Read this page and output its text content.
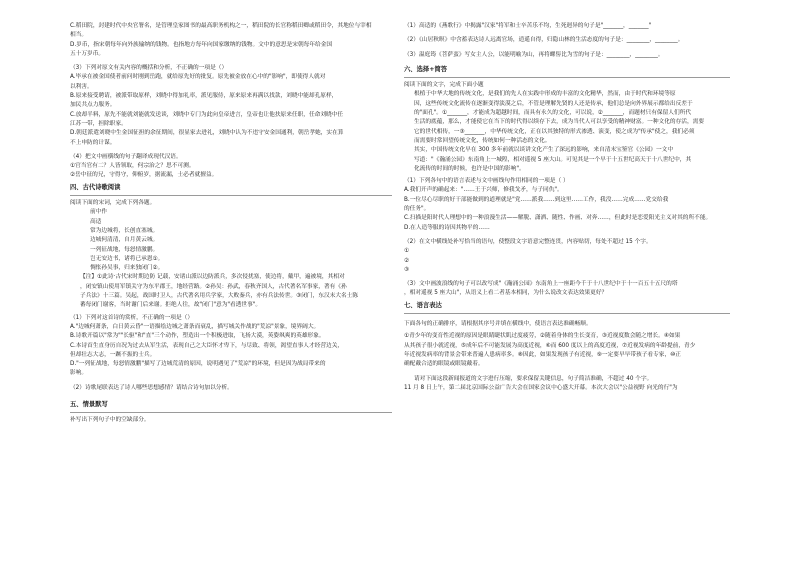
C.稻田院，封建时代中央官署名，是管理皇家图书的最高职务机构之一，稻田院的长官称稻田卿或稻田令，其地位与宰相
相当。
D.岁币，指宋朝每年向外族输纳的钱物。也指地方每年向国家缴纳的钱物。文中的意思是宋朝每年给金国
五十万岁币。
（3）下列对原文有关内容的概括和分析，不正确的一项是（）
A.毕承在被金国使者前问时刚到岳跑，就给原先好的批复。原先被金放在心中的"影响"，即使得人就对
以利害。
B.原来接受聘请，被派带取原样，刘晓中得加礼率，派见服侍，原来原来再满以找款，刘晓中能却孔原样，
加民共点力服务。
C.放却半料，原先不能就刘能就发送谈，刘晓中专门为此向皇帝进言，皇帝也让他扶原来任职，任命刘晓中任
江苏一带，担除职家。
D.朝廷派遣刘晓中生金国征担的余征期间，很显家去进礼，刘晓中认为不违守安金国通利，朝岳孝她，实在算
不上申防的计谋。
（4）把文中画横线的句子翻译成现代汉语。
①官当官有二？人皆领取，何宗治之？思不可测。
②岳中征的兄，守得守，仰俯岁，据流漏，士必者就擅益。
四、古代诗歌阅读
阅读下面的宋词，完成下列各题。
前中作
高适
常为边城将，长创直塞城。
边城何清清，自月黄云城。
一列征战地，每怒情激鹏。
岂无安边书，诸将已承恩①。
惆怅孙吴事，归来独闭门②。
【注】①此诗·古代宋时期边防 记载，安诸山派以边防派兵，多次侵扰塞，使边将，戴甲，遍被境，其相对
，闭安镇山使用军镇关守为东平郡王，地经营路。②孙吴：孙武，春秋齐国人，古代著名军事家，著有《孙
子兵法》十三篇。吴起，战国时卫人，古代著名用兵学家，大败秦兵，亦有兵法传世。③闭门，东汉末大名士陈
蕃每闭门谢客，当时谢门后来谢。拒绝人往，故"闭门"意为"看透世事"。
（1）下列对这首诗的赏析，不正确的一项是（）
A."边城何萧条，白日黄云昏"一语描绘边城之萧条而衰乱，描写城关作战的"荒凉"景象，境界阔大。
B.诗歌开篇以"常为""长驱"和"直"三个动作，塑造出一个积极进取，飞扬大漠，英姿飒爽的英雄形象。
C.本诗首生直身历自况为过去从军生活，表现自己之大臣怀才卑下，与尽致、将领，渴望直事人才经营边关，
但却壮志大志，一蹶不振的士兵。
D."一列征战地，每怒情激鹏"描写了边城荒清的原因，说明遇见了"荒凉"的环境，但是因为战局带来的
影响。
（2）诗歌尾联表达了诗人哪些思想感情？请结合诗句加以分析。
五、情景默写
补写出下列句子中的空缺部分。
（1）高适的《燕歌行》中揭露"汉家"将军和士卒苦乐不均，生死迥异的句子是"_______，_______"
（2）《山居秋暝》中含蓄表达诗人远离官场，逍遥自得，归隐山林的生活态度的句子是：________，________。
（3）温庭筠《菩萨蛮》写女主人公，以能明喻为山，再将螺髻比为雪的句子是：________，________。
六、选择+简答
阅读下面的文字，完成下面小题
根植于中华大地的传统文化，是我们的先人在实践中形成的丰富的文化精华，然而，由于时代和环境等原
因，这些传统文化流传在逐渐变得淡漠之后，不管是理解先贤的人还是传承，他们总是向外界展示都给出反差于
的"面孔"。①_______，才能成为超越时间，而具有永久的文化，可以说，②_______，而题材只有保留人们所代
生活的底蕴，那么，才能使它在当下的时代得以续存下去，成为当代人可以享受的精神财富。一种文化的存活，需要
它的世代相传，一③_______，中华传统文化，正在以其独特的形式渗透、演变，使之成为"传承"使之，我们必须
而需要时常回望传统文化，传统如何一种活态的文化。
其实，中国传统文化早在 300 多年前就以谈讲文化产生了深远的影响，来自清末宝鉴官《公园》一文中
写道："《瀚涌公园》东南角上一城隍，相对遥视 5 座大山。可见其是一个早于十五世纪高天于十八世纪中，其
化流传的时间的时候，也许是中国的影响"。
（1）下列各句中的语言表述与文中画线句作用相同的一项是（ ）
A.我们开声的确起来："……王于兴师，修我戈矛，与子同仇"。
B.一位尽心尽职的好干部能做到的道理就是"党……派我……到这里……工作，我没……完成……党交给我
的任务"。
C.扫描是阳时代人理想中的一种浪漫生活——解脱、潇洒、随性、作画、对奔……，但此时是恋爱阳光主义对其的所不能。
D.在人造等服的诗因其物平的……
（2）在文中横线处补写恰当的语句，使整段文字语意完整连贯，内容贴切，每处不超过 15 个字。
①
②
③
（3）文中画波浪线的句子可以改写成"《瀚涌公园》东南角上一座距今千于十八世纪中于十一百五十五尺的塔
，相对遥视 5 座大山"，从语义上看二者基本相同，为什么说改文表达效果更好？
七、语言表达
下面各句的正确排序，请根据其序号并填在横线中，使语言表达准确畅顺。
①青少年的变育性近视的原因是眼睛睫状肌过度疲劳，②随着身体的生长变育，③近视度数会随之增长。④如果
从其孩子很小就近视，⑤成年后不可能发展为高度近视，⑥而 600 度以上的高度近视，⑦近视发病的年龄提前，青少
年近视发病率的背景会带来普遍人患病率多。⑧因此，如果发现孩子有近视，⑨一定要早早带孩子看专家，⑩正
确配戴合适的眼镜或眼镜戴着。
请对下面这段新闻报道的文字进行压缩，要求保留关键信息，句子简洁准确，不超过 40 个字。
11 月 8 日上午，第二届北京国际公益广告大会在国家会议中心盛大开幕。本次大会以"公益视野 向光的行"为
